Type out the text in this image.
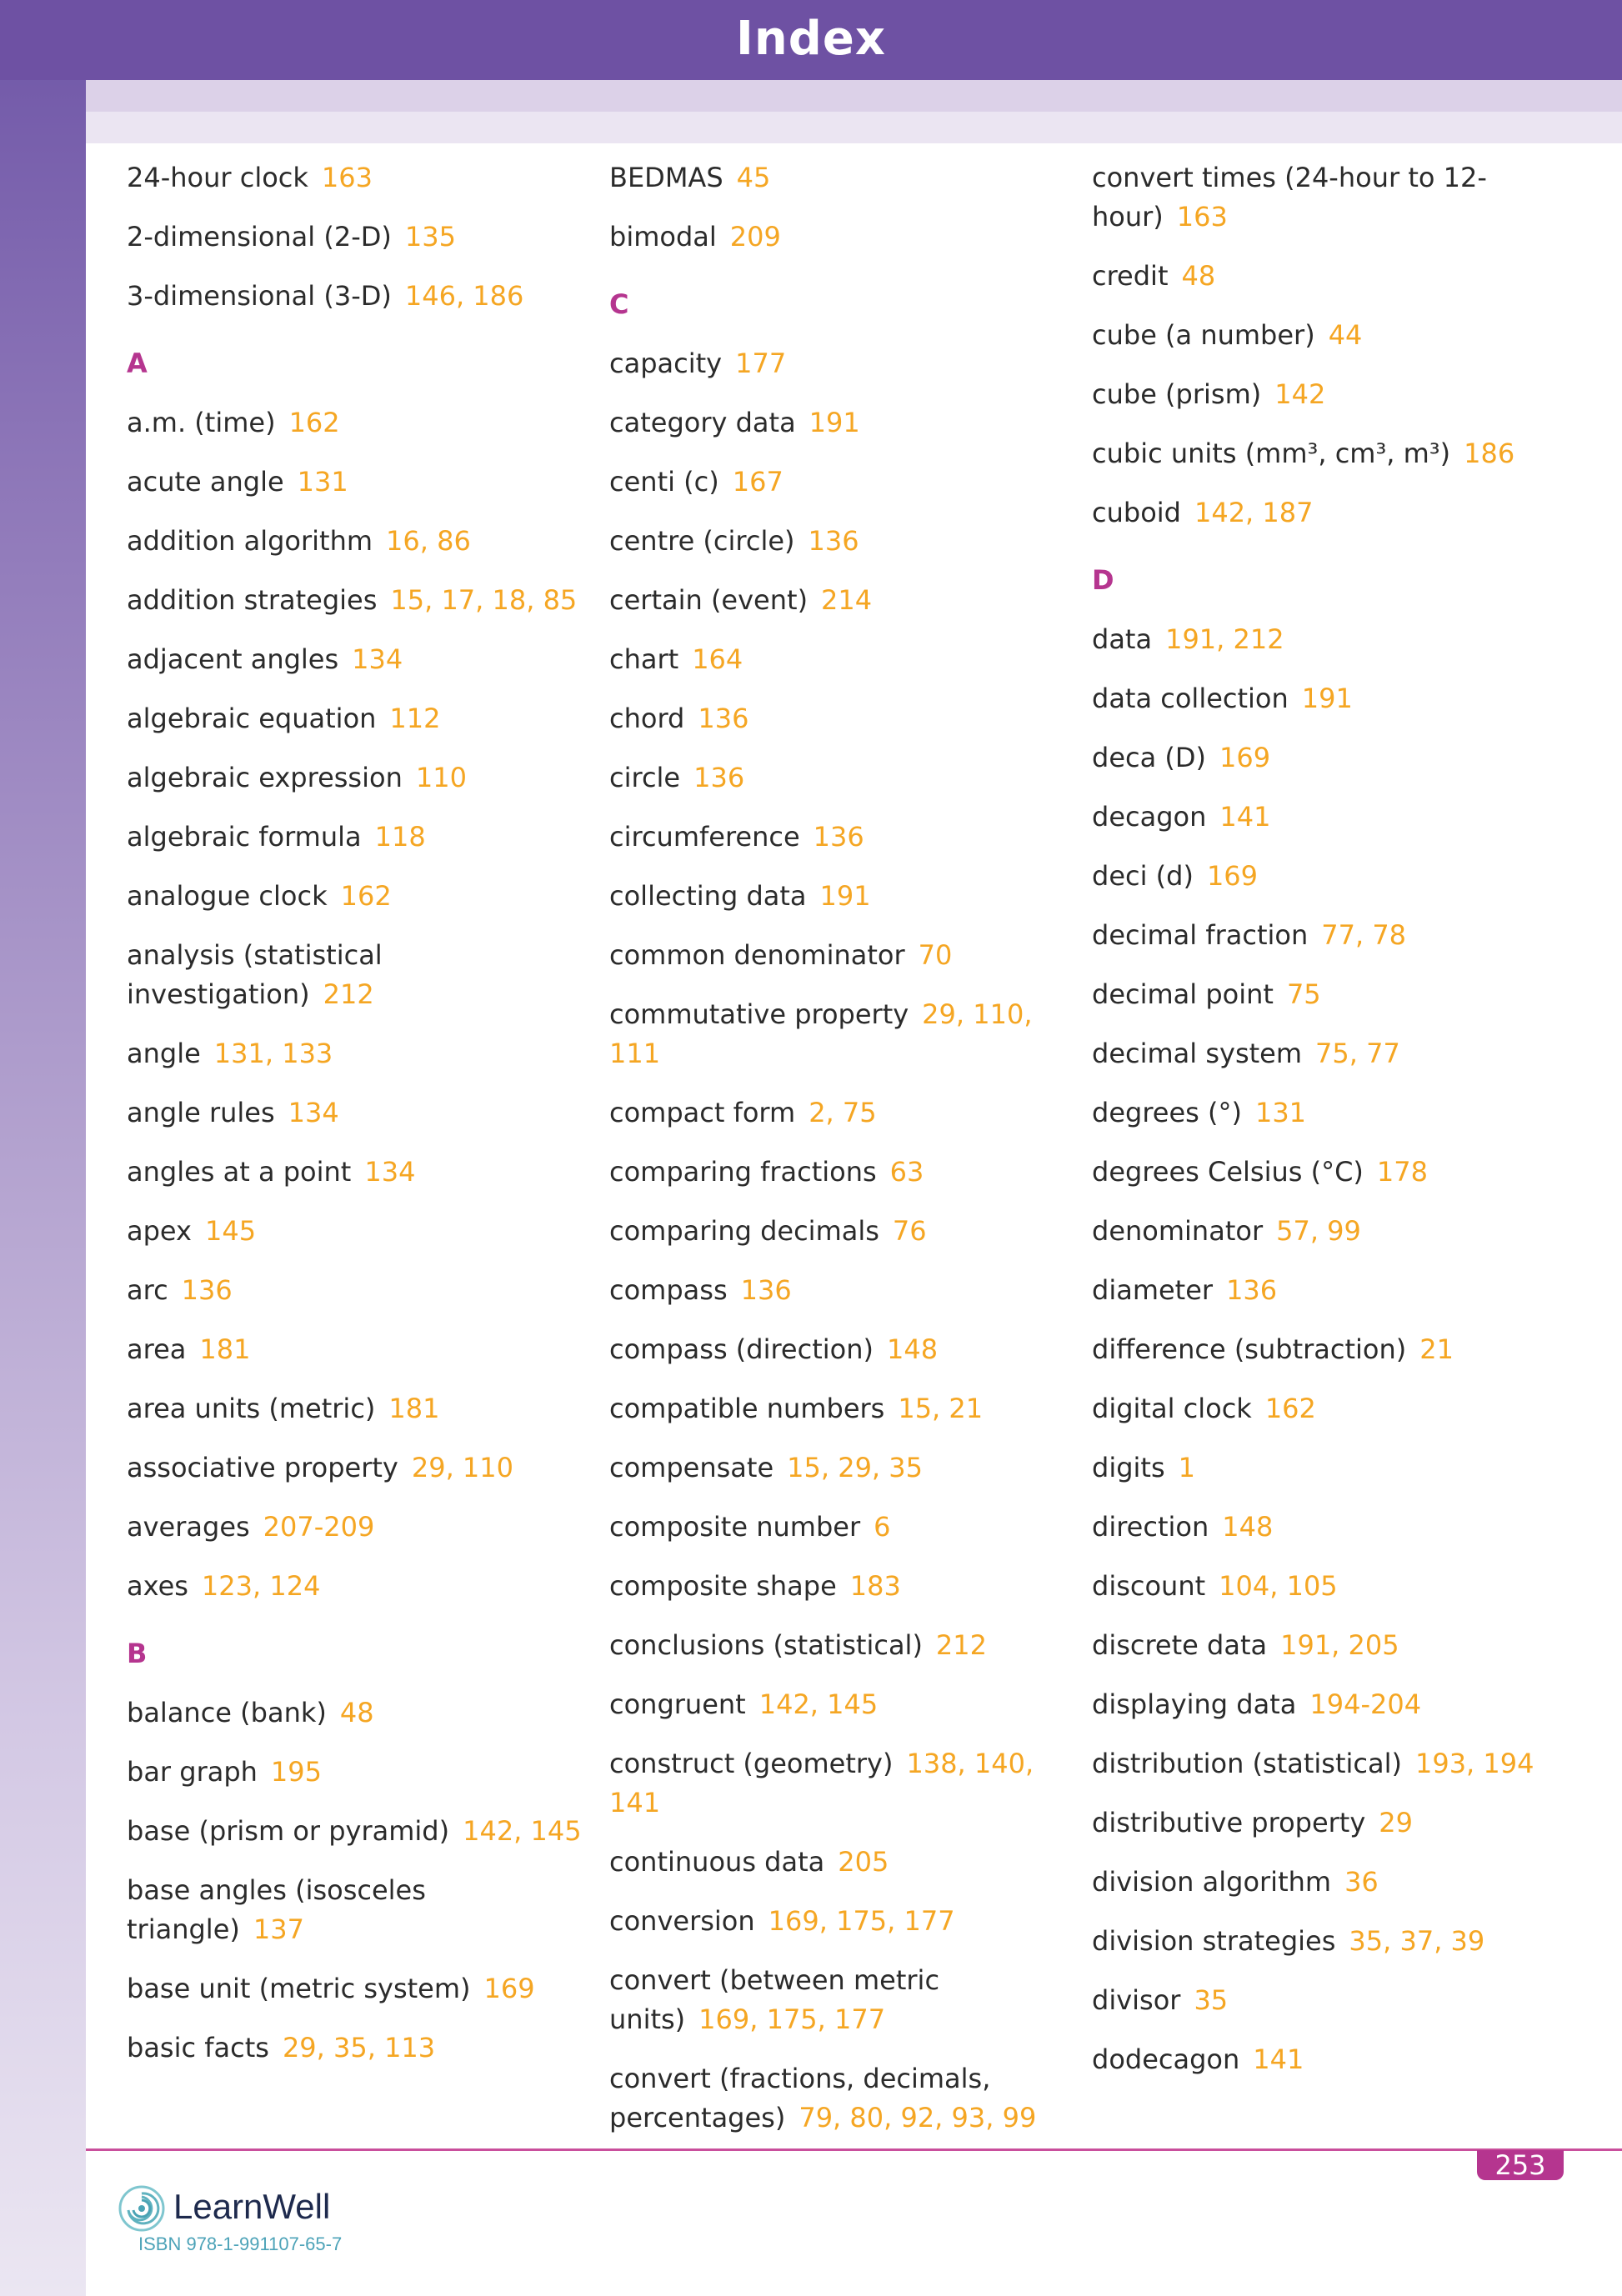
Index
24-hour clock 163
2-dimensional (2-D) 135
3-dimensional (3-D) 146, 186
A
a.m. (time) 162
acute angle 131
addition algorithm 16, 86
addition strategies 15, 17, 18, 85
adjacent angles 134
algebraic equation 112
algebraic expression 110
algebraic formula 118
analogue clock 162
analysis (statistical investigation) 212
angle 131, 133
angle rules 134
angles at a point 134
apex 145
arc 136
area 181
area units (metric) 181
associative property 29, 110
averages 207-209
axes 123, 124
B
balance (bank) 48
bar graph 195
base (prism or pyramid) 142, 145
base angles (isosceles triangle) 137
base unit (metric system) 169
basic facts 29, 35, 113
BEDMAS 45
bimodal 209
C
capacity 177
category data 191
centi (c) 167
centre (circle) 136
certain (event) 214
chart 164
chord 136
circle 136
circumference 136
collecting data 191
common denominator 70
commutative property 29, 110, 111
compact form 2, 75
comparing fractions 63
comparing decimals 76
compass 136
compass (direction) 148
compatible numbers 15, 21
compensate 15, 29, 35
composite number 6
composite shape 183
conclusions (statistical) 212
congruent 142, 145
construct (geometry) 138, 140, 141
continuous data 205
conversion 169, 175, 177
convert (between metric units) 169, 175, 177
convert (fractions, decimals, percentages) 79, 80, 92, 93, 99
convert times (24-hour to 12-hour) 163
credit 48
cube (a number) 44
cube (prism) 142
cubic units (mm³, cm³, m³) 186
cuboid 142, 187
D
data 191, 212
data collection 191
deca (D) 169
decagon 141
deci (d) 169
decimal fraction 77, 78
decimal point 75
decimal system 75, 77
degrees (°) 131
degrees Celsius (°C) 178
denominator 57, 99
diameter 136
difference (subtraction) 21
digital clock 162
digits 1
direction 148
discount 104, 105
discrete data 191, 205
displaying data 194-204
distribution (statistical) 193, 194
distributive property 29
division algorithm 36
division strategies 35, 37, 39
divisor 35
dodecagon 141
253
LearnWell
ISBN 978-1-991107-65-7
